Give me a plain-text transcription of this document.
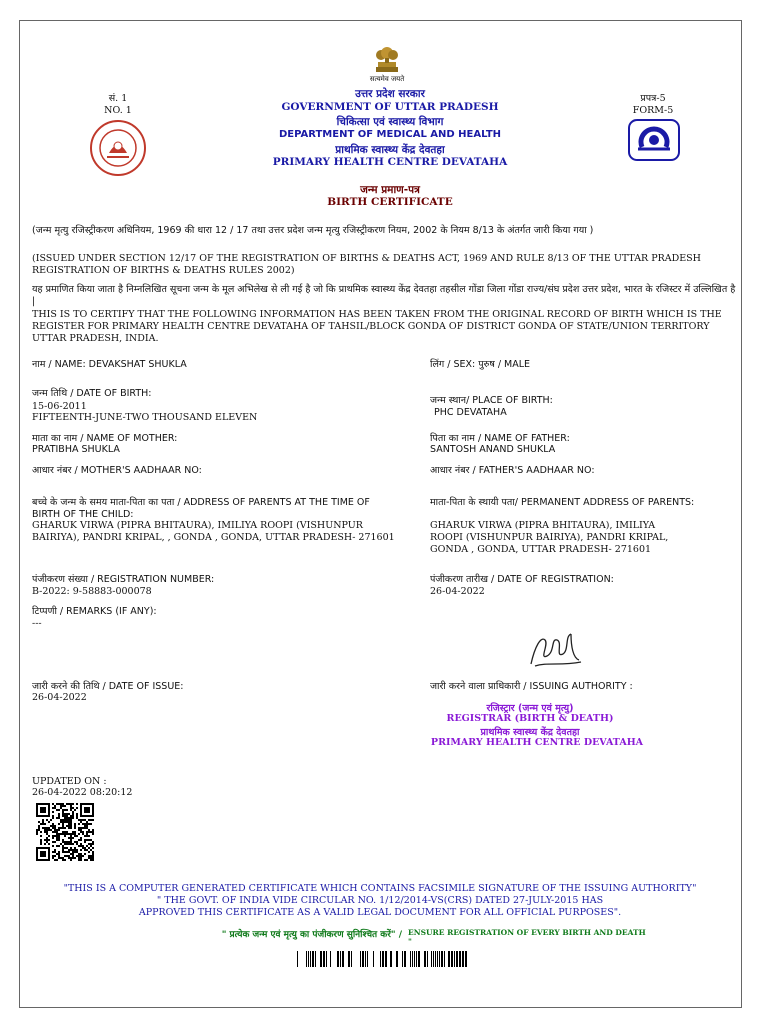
सत्यमेव जयते
सं. 1
NO. 1
प्रपत्र-5
FORM-5
उत्तर प्रदेश सरकार
GOVERNMENT OF UTTAR PRADESH
चिकित्सा एवं स्वास्थ्य विभाग
DEPARTMENT OF MEDICAL AND HEALTH
प्राथमिक स्वास्थ्य केंद्र देवतहा
PRIMARY HEALTH CENTRE DEVATAHA
जन्म प्रमाण-पत्र
BIRTH CERTIFICATE
(जन्म मृत्यु रजिस्ट्रीकरण अधिनियम, 1969 की धारा 12 / 17 तथा उत्तर प्रदेश जन्म मृत्यु रजिस्ट्रीकरण नियम, 2002 के नियम 8/13 के अंतर्गत जारी किया गया )
(ISSUED UNDER SECTION 12/17 OF THE REGISTRATION OF BIRTHS & DEATHS ACT, 1969 AND RULE 8/13 OF THE UTTAR PRADESH REGISTRATION OF BIRTHS & DEATHS RULES 2002)
यह प्रमाणित किया जाता है निम्नलिखित सूचना जन्म के मूल अभिलेख से ली गई है जो कि प्राथमिक स्वास्थ्य केंद्र देवतहा तहसील गोंडा जिला गोंडा राज्य/संघ प्रदेश उत्तर प्रदेश, भारत के रजिस्टर में उल्लिखित है |
THIS IS TO CERTIFY THAT THE FOLLOWING INFORMATION HAS BEEN TAKEN FROM THE ORIGINAL RECORD OF BIRTH WHICH IS THE REGISTER FOR PRIMARY HEALTH CENTRE DEVATAHA OF TAHSIL/BLOCK GONDA OF DISTRICT GONDA OF STATE/UNION TERRITORY UTTAR PRADESH, INDIA.
नाम / NAME: DEVAKSHAT SHUKLA
जन्म तिथि / DATE OF BIRTH:
15-06-2011
FIFTEENTH-JUNE-TWO THOUSAND ELEVEN
माता का नाम / NAME OF MOTHER:
PRATIBHA SHUKLA
आधार नंबर / MOTHER'S AADHAAR NO:
बच्चे के जन्म के समय माता-पिता का पता / ADDRESS OF PARENTS AT THE TIME OF BIRTH OF THE CHILD:
GHARUK VIRWA (PIPRA BHITAURA), IMILIYA ROOPI (VISHUNPUR BAIRIYA), PANDRI KRIPAL, , GONDA , GONDA, UTTAR PRADESH- 271601
पंजीकरण संख्या / REGISTRATION NUMBER:
B-2022: 9-58883-000078
टिप्पणी / REMARKS (IF ANY):
---
जारी करने की तिथि / DATE OF ISSUE:
26-04-2022
लिंग / SEX: पुरुष / MALE
जन्म स्थान/ PLACE OF BIRTH:
PHC DEVATAHA
पिता का नाम / NAME OF FATHER:
SANTOSH ANAND SHUKLA
आधार नंबर / FATHER'S AADHAAR NO:
माता-पिता के स्थायी पता/ PERMANENT ADDRESS OF PARENTS:
GHARUK VIRWA (PIPRA BHITAURA), IMILIYA ROOPI (VISHUNPUR BAIRIYA), PANDRI KRIPAL, GONDA , GONDA, UTTAR PRADESH- 271601
पंजीकरण तारीख / DATE OF REGISTRATION:
26-04-2022
जारी करने वाला प्राधिकारी / ISSUING AUTHORITY :
रजिस्ट्रार (जन्म एवं मृत्यु)
REGISTRAR (BIRTH & DEATH)
प्राथमिक स्वास्थ्य केंद्र देवतहा
PRIMARY HEALTH CENTRE DEVATAHA
UPDATED ON :
26-04-2022 08:20:12
"THIS IS A COMPUTER GENERATED CERTIFICATE WHICH CONTAINS FACSIMILE SIGNATURE OF THE ISSUING AUTHORITY"
" THE GOVT. OF INDIA VIDE CIRCULAR NO. 1/12/2014-VS(CRS) DATED 27-JULY-2015 HAS
APPROVED THIS CERTIFICATE AS A VALID LEGAL DOCUMENT FOR ALL OFFICIAL PURPOSES".
" प्रत्येक जन्म एवं मृत्यु का पंजीकरण सुनिश्चित करें" / ENSURE REGISTRATION OF EVERY BIRTH AND DEATH "
